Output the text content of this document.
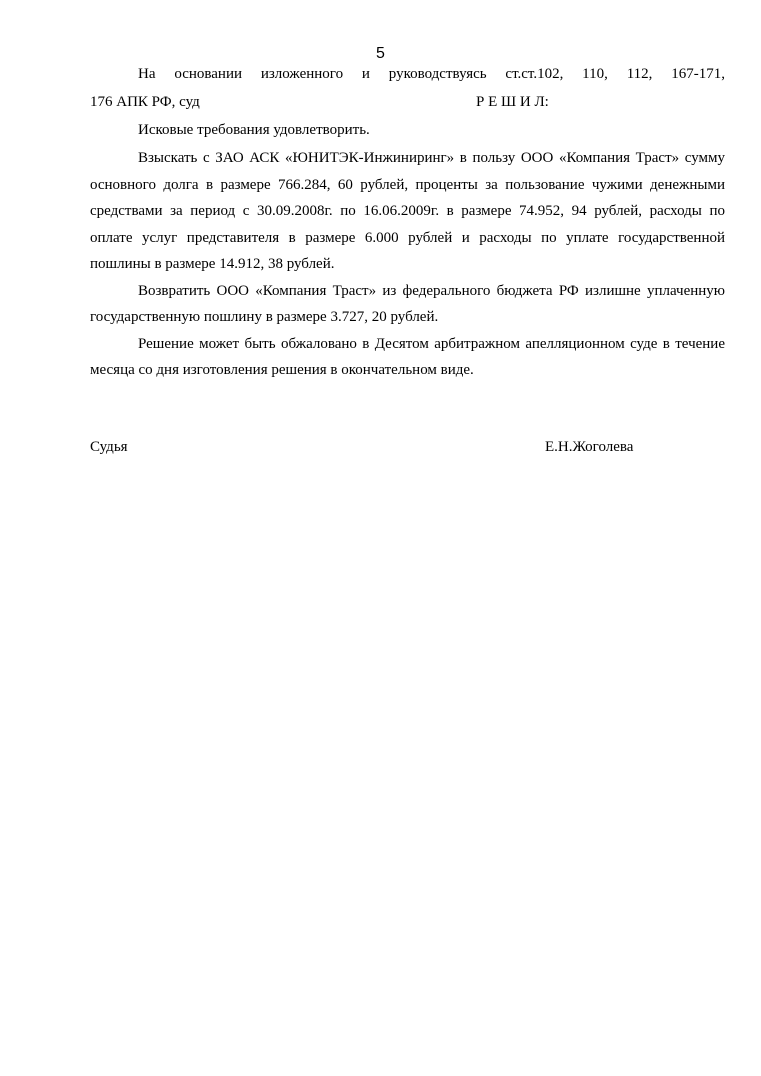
5
На основании изложенного и руководствуясь ст.ст.102, 110, 112, 167-171,
176 АПК РФ, суд	Р Е Ш И Л:
Исковые требования удовлетворить.
Взыскать с ЗАО АСК «ЮНИТЭК-Инжиниринг» в пользу ООО «Компания Траст» сумму
основного долга в размере 766.284, 60 рублей, проценты за пользование чужими денежными
средствами за период с 30.09.2008г. по 16.06.2009г. в размере 74.952, 94 рублей, расходы по
оплате услуг представителя в размере 6.000 рублей и расходы по уплате государственной
пошлины в размере 14.912, 38 рублей.
Возвратить ООО «Компания Траст» из федерального бюджета РФ излишне уплаченную
государственную пошлину в размере 3.727, 20 рублей.
Решение может быть обжаловано в Десятом арбитражном апелляционном суде в течение
месяца со дня изготовления решения в окончательном виде.
Судья	Е.Н.Жоголева
